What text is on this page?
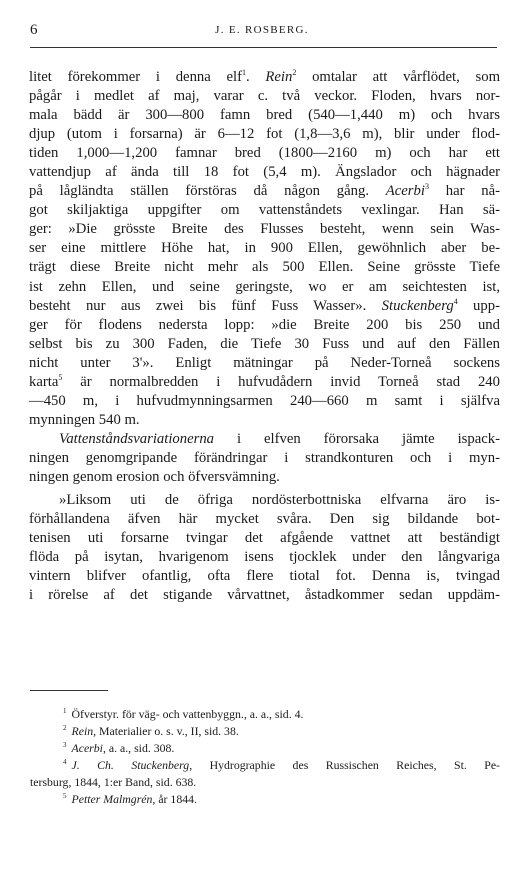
6	J. E. ROSBERG.
litet förekommer i denna elf$^1$. Rein$^2$ omtalar att vårflödet, som
pågår i medlet af maj, varar c. två veckor. Floden, hvars nor-
mala bädd är 300—800 famn bred (540—1,440 m) och hvars
djup (utom i forsarna) är 6—12 fot (1,8—3,6 m), blir under flod-
tiden 1,000—1,200 famnar bred (1800—2160 m) och har ett
vattendjup af ända till 18 fot (5,4 m). Ängslador och hägnader
på lågländta ställen förstöras då någon gång. Acerbi$^3$ har nå-
got skiljaktiga uppgifter om vattenståndets vexlingar. Han sä-
ger: »Die grösste Breite des Flusses besteht, wenn sein Was-
ser eine mittlere Höhe hat, in 900 Ellen, gewöhnlich aber be-
trägt diese Breite nicht mehr als 500 Ellen. Seine grösste Tiefe
ist zehn Ellen, und seine geringste, wo er am seichtesten ist,
besteht nur aus zwei bis fünf Fuss Wasser». Stuckenberg$^4$ upp-
ger för flodens nedersta lopp: »die Breite 200 bis 250 und
selbst bis zu 300 Faden, die Tiefe 30 Fuss und auf den Fällen
nicht unter 3'». Enligt mätningar på Neder-Torneå sockens
karta$^5$ är normalbredden i hufvudådern invid Torneå stad 240
—450 m, i hufvudmynningsarmen 240—660 m samt i själfva
mynningen 540 m.
Vattenståndsvariationerna i elfven förorsaka jämte ispack-
ningen genomgripande förändringar i strandkonturen och i myn-
ningen genom erosion och öfversvämning.
»Liksom uti de öfriga nordösterbottniska elfvarna äro is-
förhållandena äfven här mycket svåra. Den sig bildande bot-
tenisen uti forsarne tvingar det afgående vattnet att beständigt
flöda på isytan, hvarigenom isens tjocklek under den långvariga
vintern blifver ofantlig, ofta flere tiotal fot. Denna is, tvingad
i rörelse af det stigande vårvattnet, åstadkommer sedan uppdäm-
$^1$ Öfverstyr. för väg- och vattenbyggn., a. a., sid. 4.
$^2$ Rein, Materialier o. s. v., II, sid. 38.
$^3$ Acerbi, a. a., sid. 308.
$^4$ J. Ch. Stuckenberg, Hydrographie des Russischen Reiches, St. Pe-
tersburg, 1844, 1:er Band, sid. 638.
$^5$ Petter Malmgrén, år 1844.
